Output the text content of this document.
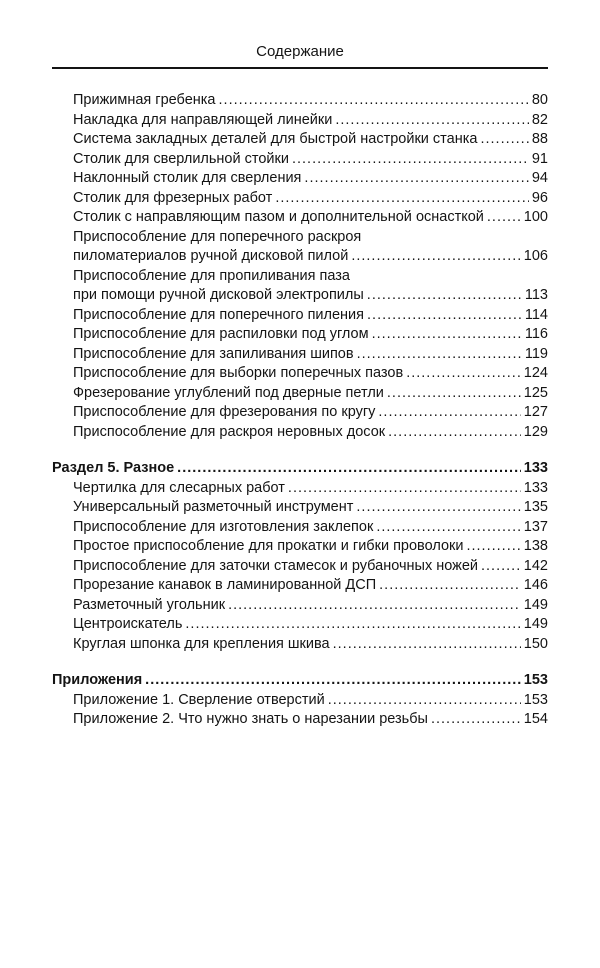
Содержание
Прижимная гребенка .....	80
Накладка для направляющей линейки .....	82
Система закладных деталей для быстрой настройки станка .....	88
Столик для сверлильной стойки .....	91
Наклонный столик для сверления .....	94
Столик для фрезерных работ .....	96
Столик с направляющим пазом и дополнительной оснасткой .....	100
Приспособление для поперечного раскроя
пиломатериалов ручной дисковой пилой .....	106
Приспособление для пропиливания паза
при помощи ручной дисковой электропилы .....	113
Приспособление для поперечного пиления .....	114
Приспособление для распиловки под углом .....	116
Приспособление для запиливания шипов .....	119
Приспособление для выборки поперечных пазов .....	124
Фрезерование углублений под дверные петли .....	125
Приспособление для фрезерования по кругу .....	127
Приспособление для раскроя неровных досок .....	129
Раздел 5. Разное .....	133
Чертилка для слесарных работ .....	133
Универсальный разметочный инструмент .....	135
Приспособление для изготовления заклепок .....	137
Простое приспособление для прокатки и гибки проволоки .....	138
Приспособление для заточки стамесок и рубаночных ножей .....	142
Прорезание канавок в ламинированной ДСП .....	146
Разметочный угольник .....	149
Центроискатель .....	149
Круглая шпонка для крепления шкива .....	150
Приложения .....	153
Приложение 1. Сверление отверстий .....	153
Приложение 2. Что нужно знать о нарезании резьбы .....	154
